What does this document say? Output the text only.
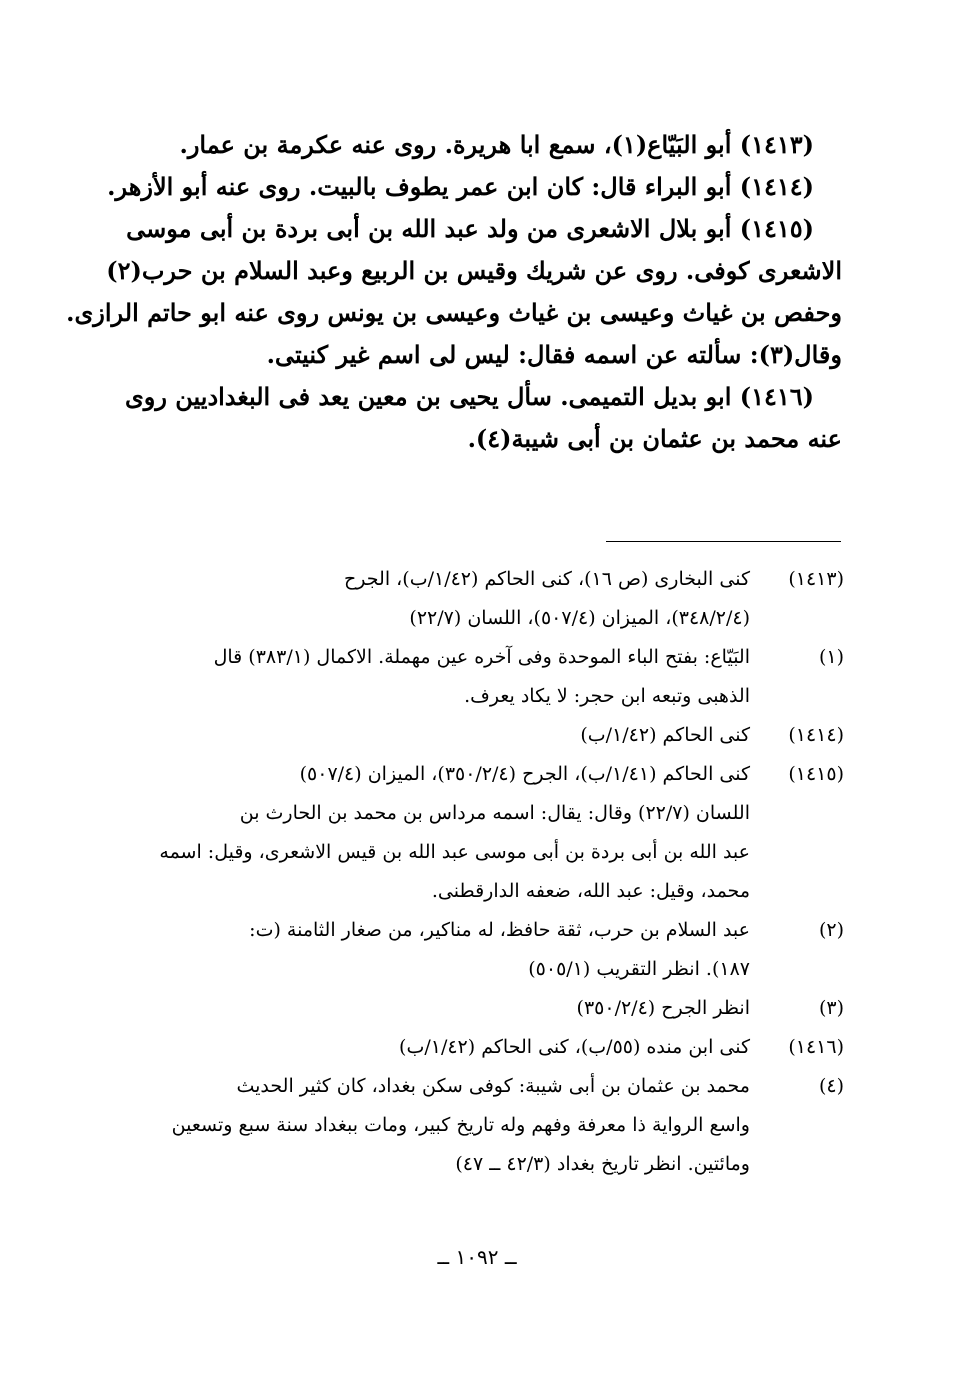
(١٤١٣) أبو البَيّاع(١)، سمع ابا هريرة. روى عنه عكرمة بن عمار.

(١٤١٤) أبو البراء قال: كان ابن عمر يطوف بالبيت. روى عنه أبو الأزهر.

(١٤١٥) أبو بلال الاشعرى من ولد عبد الله بن أبى بردة بن أبى موسى
الاشعرى كوفى. روى عن شريك وقيس بن الربيع وعبد السلام بن حرب(٢)
وحفص بن غياث وعيسى بن غياث وعيسى بن يونس روى عنه ابو حاتم الرازى.
وقال(٣): سألته عن اسمه فقال: ليس لى اسم غير كنيتى.

(١٤١٦) ابو بديل التميمى. سأل يحيى بن معين يعد فى البغداديين روى
عنه محمد بن عثمان بن أبى شيبة(٤).

(١٤١٣)
كنى البخارى (ص ١٦)، كنى الحاكم (١/٤٢/ب)، الجرح
(٣٤٨/٢/٤)، الميزان (٥٠٧/٤)، اللسان (٢٢/٧)
(١)
البَيّاع: بفتح الباء الموحدة وفى آخره عين مهملة. الاكمال (٣٨٣/١) قال
الذهبى وتبعه ابن حجر: لا يكاد يعرف.
(١٤١٤)
كنى الحاكم (١/٤٢/ب)
(١٤١٥)
كنى الحاكم (١/٤١/ب)، الجرح (٣٥٠/٢/٤)، الميزان (٥٠٧/٤)
اللسان (٢٢/٧) وقال: يقال: اسمه مرداس بن محمد بن الحارث بن
عبد الله بن أبى بردة بن أبى موسى عبد الله بن قيس الاشعرى، وقيل: اسمه
محمد، وقيل: عبد الله، ضعفه الدارقطنى.
(٢)
عبد السلام بن حرب، ثقة حافظ، له مناكير، من صغار الثامنة (ت:
١٨٧). انظر التقريب (٥٠٥/١)
(٣)
انظر الجرح (٣٥٠/٢/٤)
(١٤١٦)
كنى ابن منده (٥٥/ب)، كنى الحاكم (١/٤٢/ب)
(٤)
محمد بن عثمان بن أبى شيبة: كوفى سكن بغداد، كان كثير الحديث
واسع الرواية ذا معرفة وفهم وله تاريخ كبير، ومات ببغداد سنة سبع وتسعين
ومائتين. انظر تاريخ بغداد (٤٢/٣ ــ ٤٧)
ــ ١٠٩٢ ــ
